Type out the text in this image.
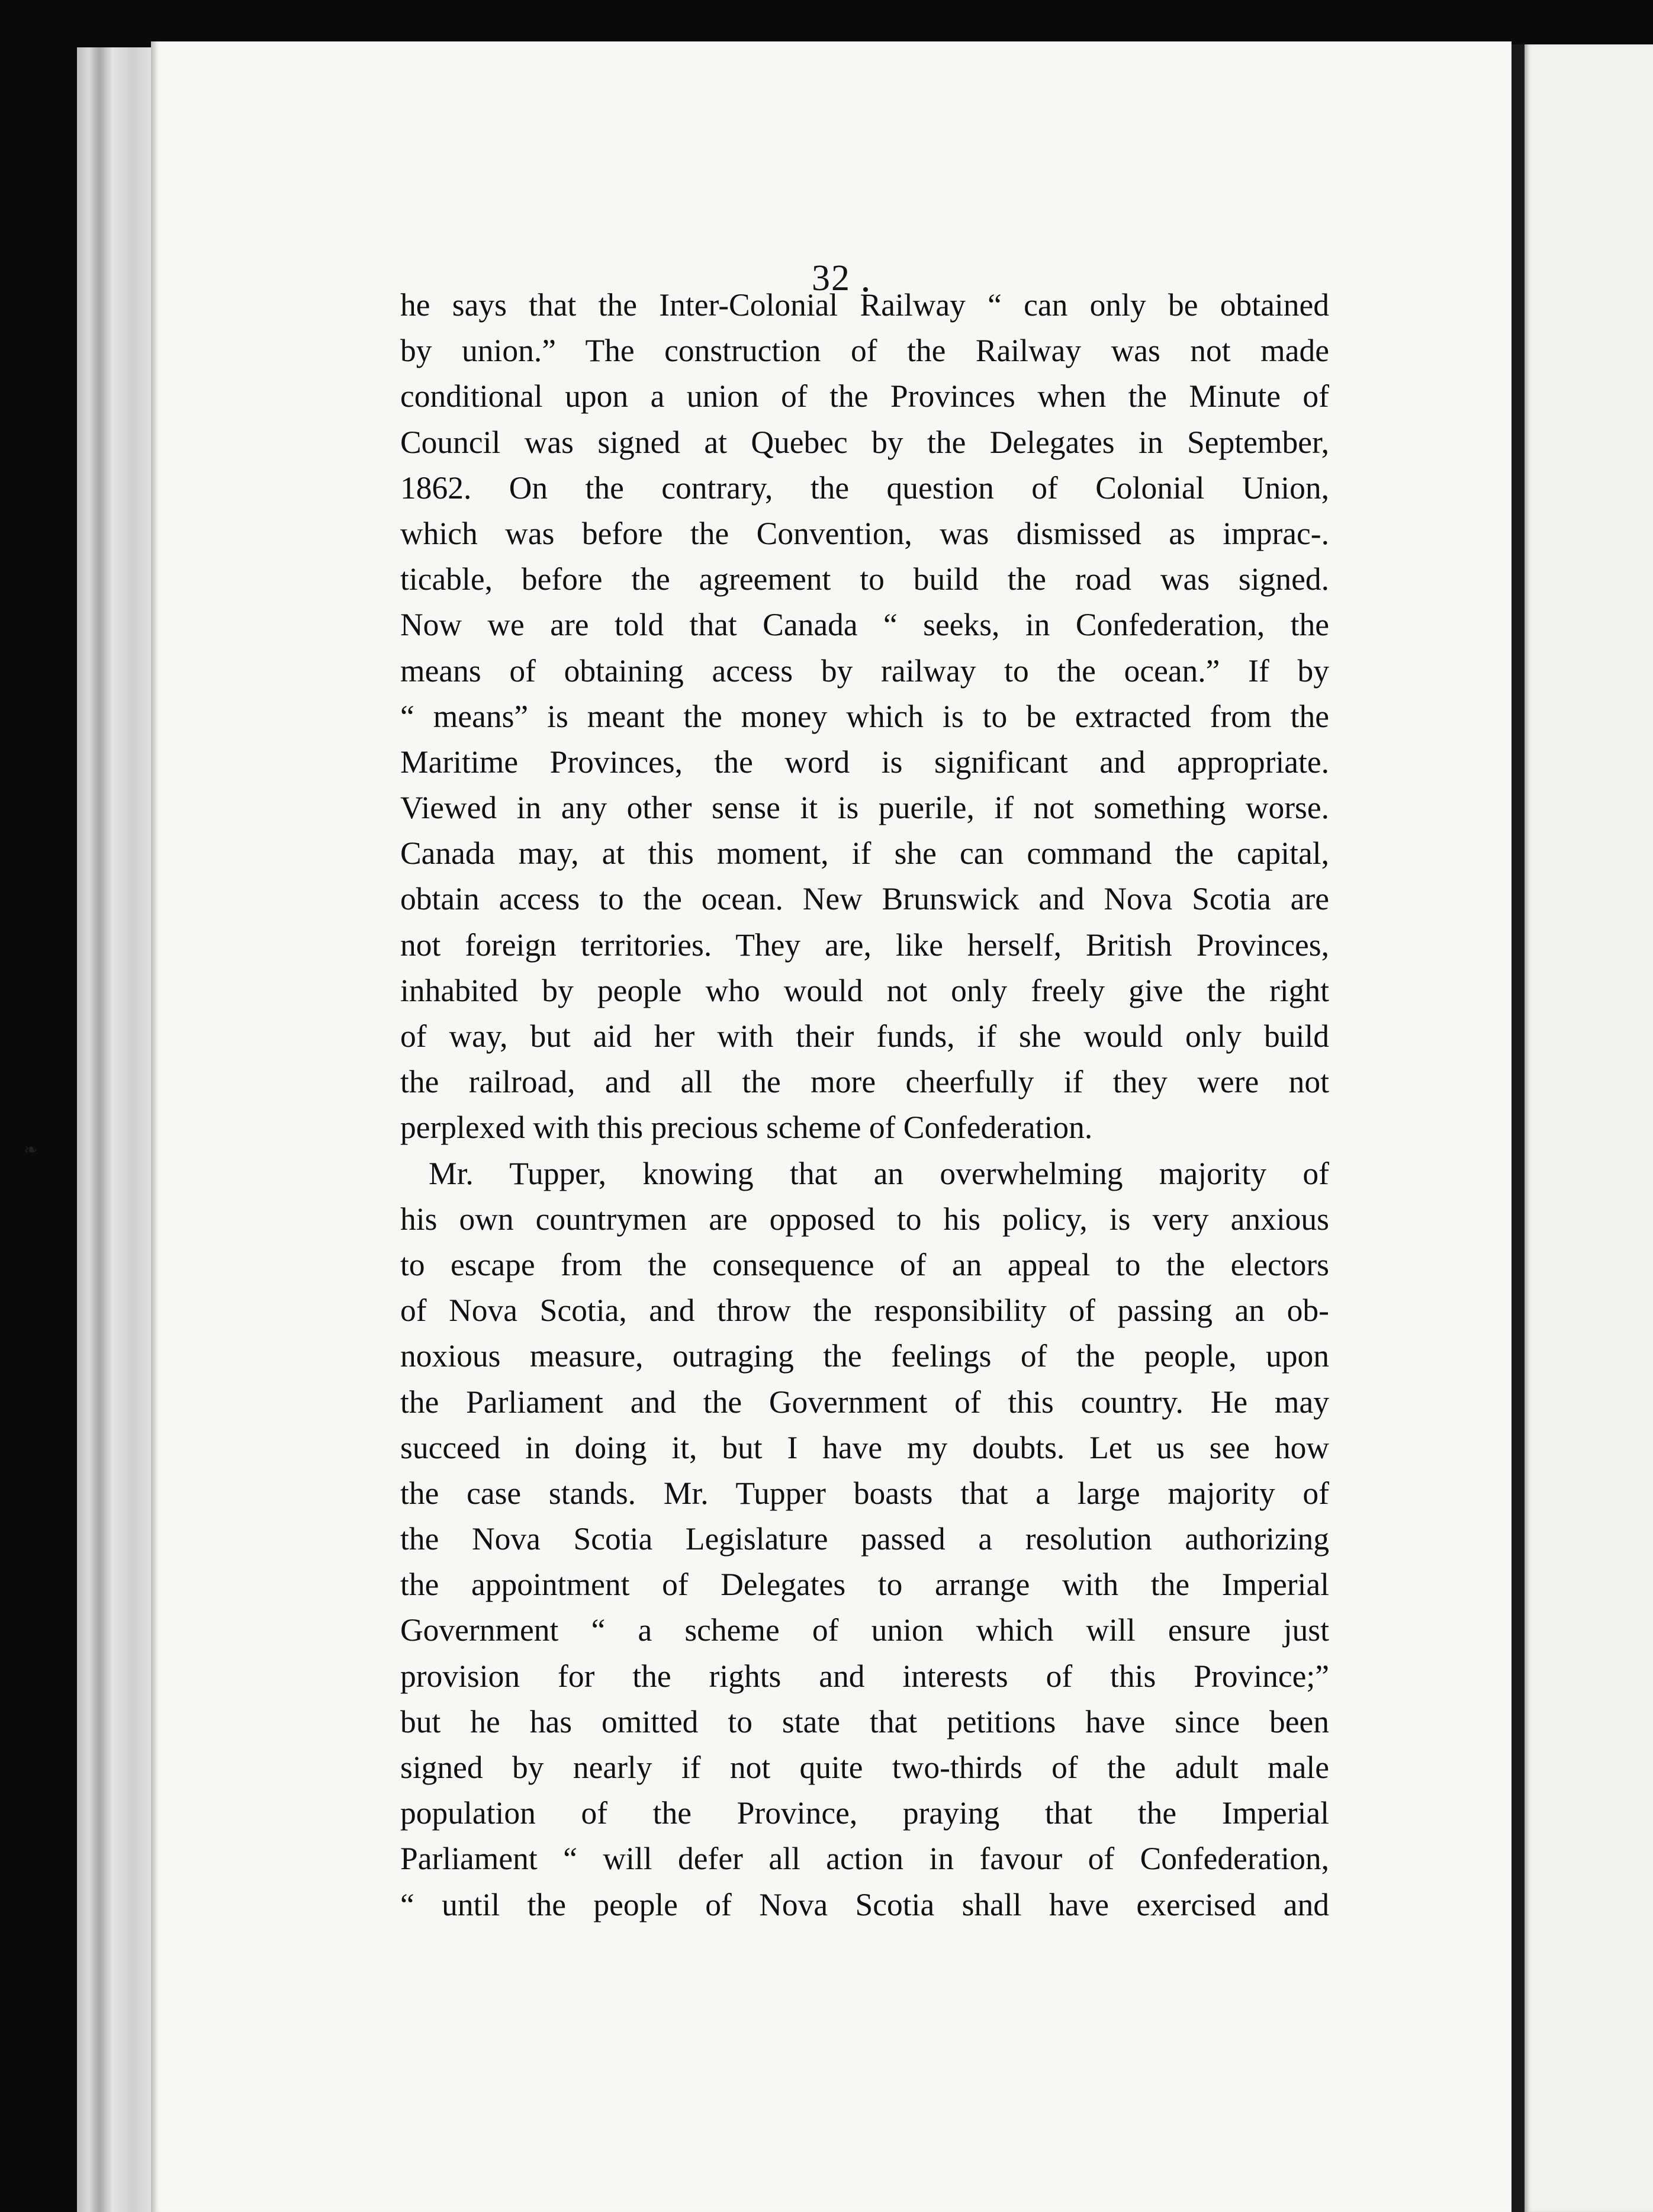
32
❧
he says that the Inter-Colonial Railway “ can only be obtained
by union.” The construction of the Railway was not made
conditional upon a union of the Provinces when the Minute of
Council was signed at Quebec by the Delegates in September,
1862. On the contrary, the question of Colonial Union,
which was before the Convention, was dismissed as imprac-.
ticable, before the agreement to build the road was signed.
Now we are told that Canada “ seeks, in Confederation, the
means of obtaining access by railway to the ocean.” If by
“ means” is meant the money which is to be extracted from the
Maritime Provinces, the word is significant and appropriate.
Viewed in any other sense it is puerile, if not something worse.
Canada may, at this moment, if she can command the capital,
obtain access to the ocean. New Brunswick and Nova Scotia are
not foreign territories. They are, like herself, British Provinces,
inhabited by people who would not only freely give the right
of way, but aid her with their funds, if she would only build
the railroad, and all the more cheerfully if they were not
perplexed with this precious scheme of Confederation.
Mr. Tupper, knowing that an overwhelming majority of
his own countrymen are opposed to his policy, is very anxious
to escape from the consequence of an appeal to the electors
of Nova Scotia, and throw the responsibility of passing an ob-
noxious measure, outraging the feelings of the people, upon
the Parliament and the Government of this country. He may
succeed in doing it, but I have my doubts. Let us see how
the case stands. Mr. Tupper boasts that a large majority of
the Nova Scotia Legislature passed a resolution authorizing
the appointment of Delegates to arrange with the Imperial
Government “ a scheme of union which will ensure just
provision for the rights and interests of this Province;”
but he has omitted to state that petitions have since been
signed by nearly if not quite two-thirds of the adult male
population of the Province, praying that the Imperial
Parliament “ will defer all action in favour of Confederation,
“ until the people of Nova Scotia shall have exercised and
